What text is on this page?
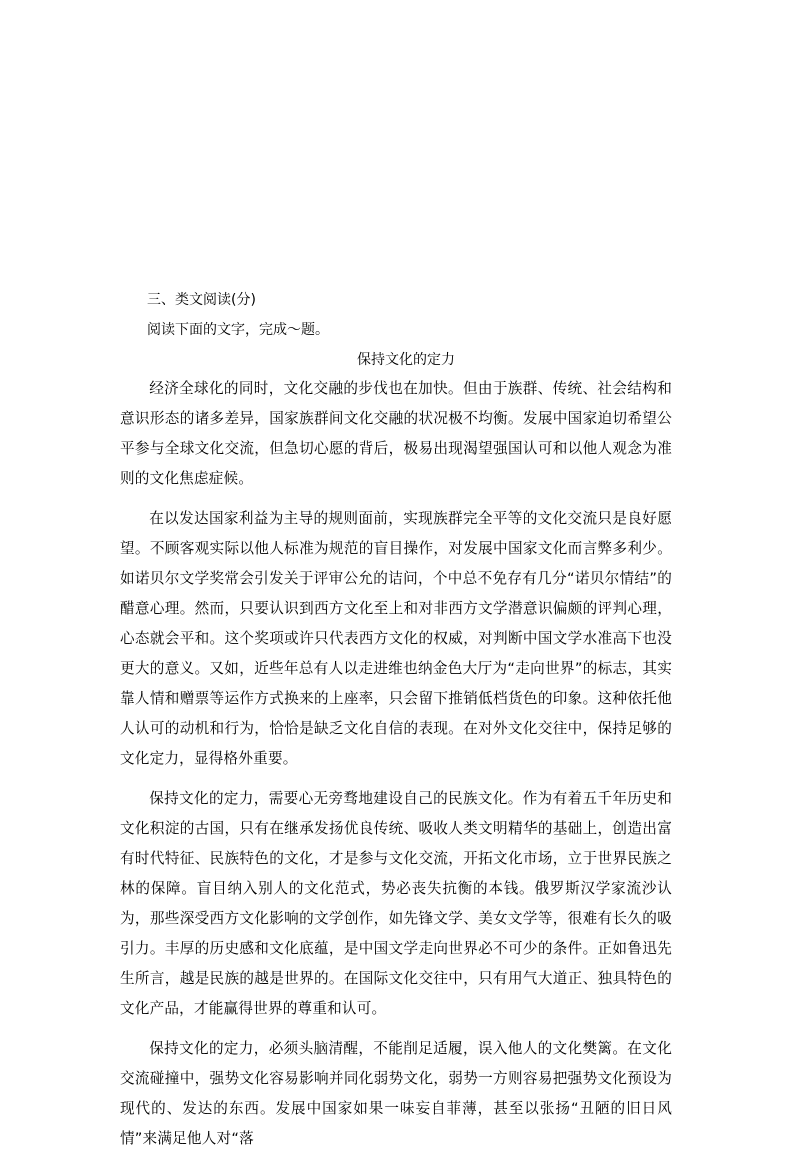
三、类文阅读(分)
阅读下面的文字，完成～题。
保持文化的定力

经济全球化的同时，文化交融的步伐也在加快。但由于族群、传统、社会结构和意识形态的诸多差异，国家族群间文化交融的状况极不均衡。发展中国家迫切希望公平参与全球文化交流，但急切心愿的背后，极易出现渴望强国认可和以他人观念为准则的文化焦虑症候。

在以发达国家利益为主导的规则面前，实现族群完全平等的文化交流只是良好愿望。不顾客观实际以他人标准为规范的盲目操作，对发展中国家文化而言弊多利少。如诺贝尔文学奖常会引发关于评审公允的诘问，个中总不免存有几分“诺贝尔情结”的醋意心理。然而，只要认识到西方文化至上和对非西方文学潜意识偏颇的评判心理，心态就会平和。这个奖项或许只代表西方文化的权威，对判断中国文学水准高下也没更大的意义。又如，近些年总有人以走进维也纳金色大厅为“走向世界”的标志，其实靠人情和赠票等运作方式换来的上座率，只会留下推销低档货色的印象。这种依托他人认可的动机和行为，恰恰是缺乏文化自信的表现。在对外文化交往中，保持足够的文化定力，显得格外重要。

保持文化的定力，需要心无旁骛地建设自己的民族文化。作为有着五千年历史和文化积淀的古国，只有在继承发扬优良传统、吸收人类文明精华的基础上，创造出富有时代特征、民族特色的文化，才是参与文化交流，开拓文化市场，立于世界民族之林的保障。盲目纳入别人的文化范式，势必丧失抗衡的本钱。俄罗斯汉学家流沙认为，那些深受西方文化影响的文学创作，如先锋文学、美女文学等，很难有长久的吸引力。丰厚的历史感和文化底蕴，是中国文学走向世界必不可少的条件。正如鲁迅先生所言，越是民族的越是世界的。在国际文化交往中，只有用气大道正、独具特色的文化产品，才能赢得世界的尊重和认可。

保持文化的定力，必须头脑清醒，不能削足适履，误入他人的文化樊篱。在文化交流碰撞中，强势文化容易影响并同化弱势文化，弱势一方则容易把强势文化预设为现代的、发达的东西。发展中国家如果一味妄自菲薄，甚至以张扬“丑陋的旧日风情”来满足他人对“落
